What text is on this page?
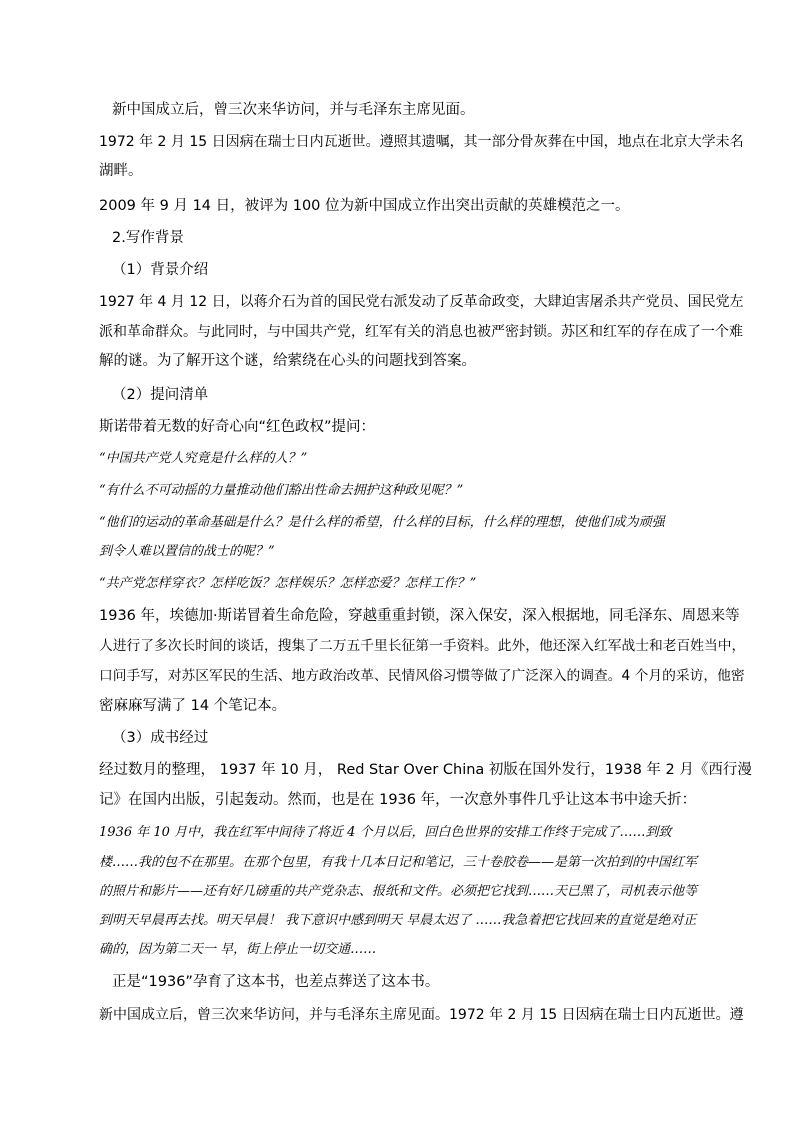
新中国成立后，曾三次来华访问，并与毛泽东主席见面。

1972 年 2 月 15 日因病在瑞士日内瓦逝世。遵照其遗嘱，其一部分骨灰葬在中国，地点在北京大学未名

湖畔。

2009 年 9 月 14 日，被评为 100 位为新中国成立作出突出贡献的英雄模范之一。

2.写作背景

（1）背景介绍

1927 年 4 月 12 日，以蒋介石为首的国民党右派发动了反革命政变，大肆迫害屠杀共产党员、国民党左

派和革命群众。与此同时，与中国共产党，红军有关的消息也被严密封锁。苏区和红军的存在成了一个难

解的谜。为了解开这个谜，给萦绕在心头的问题找到答案。

（2）提问清单

斯诺带着无数的好奇心向“红色政权”提问：

“中国共产党人究竟是什么样的人？”

“有什么不可动摇的力量推动他们豁出性命去拥护这种政见呢？”

“他们的运动的革命基础是什么？是什么样的希望，什么样的目标，什么样的理想，使他们成为顽强

到令人难以置信的战士的呢？”

“共产党怎样穿衣？怎样吃饭？怎样娱乐？怎样恋爱？怎样工作？”

1936 年，埃德加·斯诺冒着生命危险，穿越重重封锁，深入保安，深入根据地，同毛泽东、周恩来等

人进行了多次长时间的谈话，搜集了二万五千里长征第一手资料。此外，他还深入红军战士和老百姓当中，

口问手写，对苏区军民的生活、地方政治改革、民情风俗习惯等做了广泛深入的调查。4 个月的采访，他密

密麻麻写满了 14 个笔记本。

（3）成书经过

经过数月的整理， 1937 年 10 月， Red Star Over China 初版在国外发行，1938 年 2 月《西行漫

记》在国内出版，引起轰动。然而，也是在 1936 年，一次意外事件几乎让这本书中途夭折：

1936 年 10 月中，我在红军中间待了将近 4 个月以后，回白色世界的安排工作终于完成了……到致

楼……我的包不在那里。在那个包里，有我十几本日记和笔记，三十卷胶卷——是第一次拍到的中国红军

的照片和影片——还有好几磅重的共产党杂志、报纸和文件。必须把它找到……天已黑了，司机表示他等

到明天早晨再去找。明天早晨！ 我下意识中感到明天 早晨太迟了 ……我急着把它找回来的直觉是绝对正

确的，因为第二天一 早，街上停止一切交通……

正是“1936”孕育了这本书，也差点葬送了这本书。

新中国成立后，曾三次来华访问，并与毛泽东主席见面。1972 年 2 月 15 日因病在瑞士日内瓦逝世。遵
